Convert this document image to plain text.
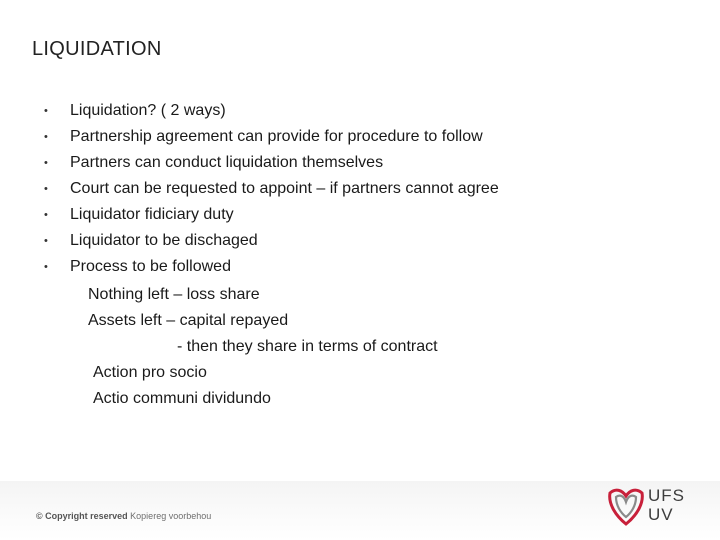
LIQUIDATION
•	Liquidation? ( 2 ways)
•	Partnership agreement can provide for procedure to follow
•	Partners can conduct liquidation themselves
•	Court can be requested to appoint – if partners cannot agree
•	Liquidator fidiciary duty
•	Liquidator to be dischaged
•	Process to be followed
Nothing left – loss share
Assets left – capital repayed
- then they share in terms of contract
Action pro socio
Actio communi dividundo
© Copyright reserved Kopiereg voorbehou
UFS
UV
